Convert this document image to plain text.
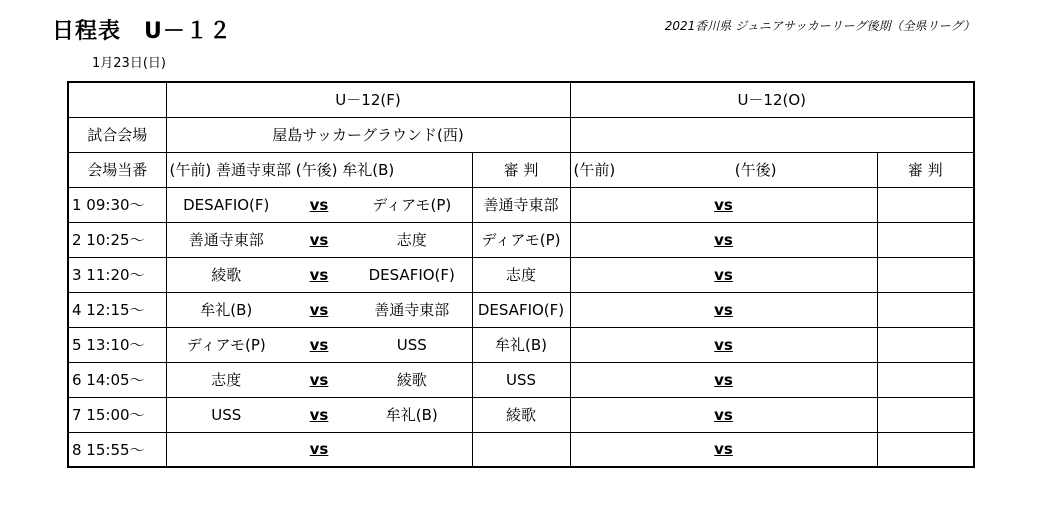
日程表　U－１２	2021香川県 ジュニアサッカーリーグ後期（全県リーグ）
1月23日(日)
	U－12(F)				U－12(O)	
試合会場	屋島サッカーグラウンド(西)					
会場当番	(午前) 善通寺東部 (午後) 牟礼(B)			審 判	(午前) (午後)	審 判
1 09:30～	DESAFIO(F)	vs	ディアモ(P)	善通寺東部	vs	
2 10:25～	善通寺東部	vs	志度	ディアモ(P)	vs	
3 11:20～	綾歌	vs	DESAFIO(F)	志度	vs	
4 12:15～	牟礼(B)	vs	善通寺東部	DESAFIO(F)	vs	
5 13:10～	ディアモ(P)	vs	USS	牟礼(B)	vs	
6 14:05～	志度	vs	綾歌	USS	vs	
7 15:00～	USS	vs	牟礼(B)	綾歌	vs	
8 15:55～		vs			vs	
